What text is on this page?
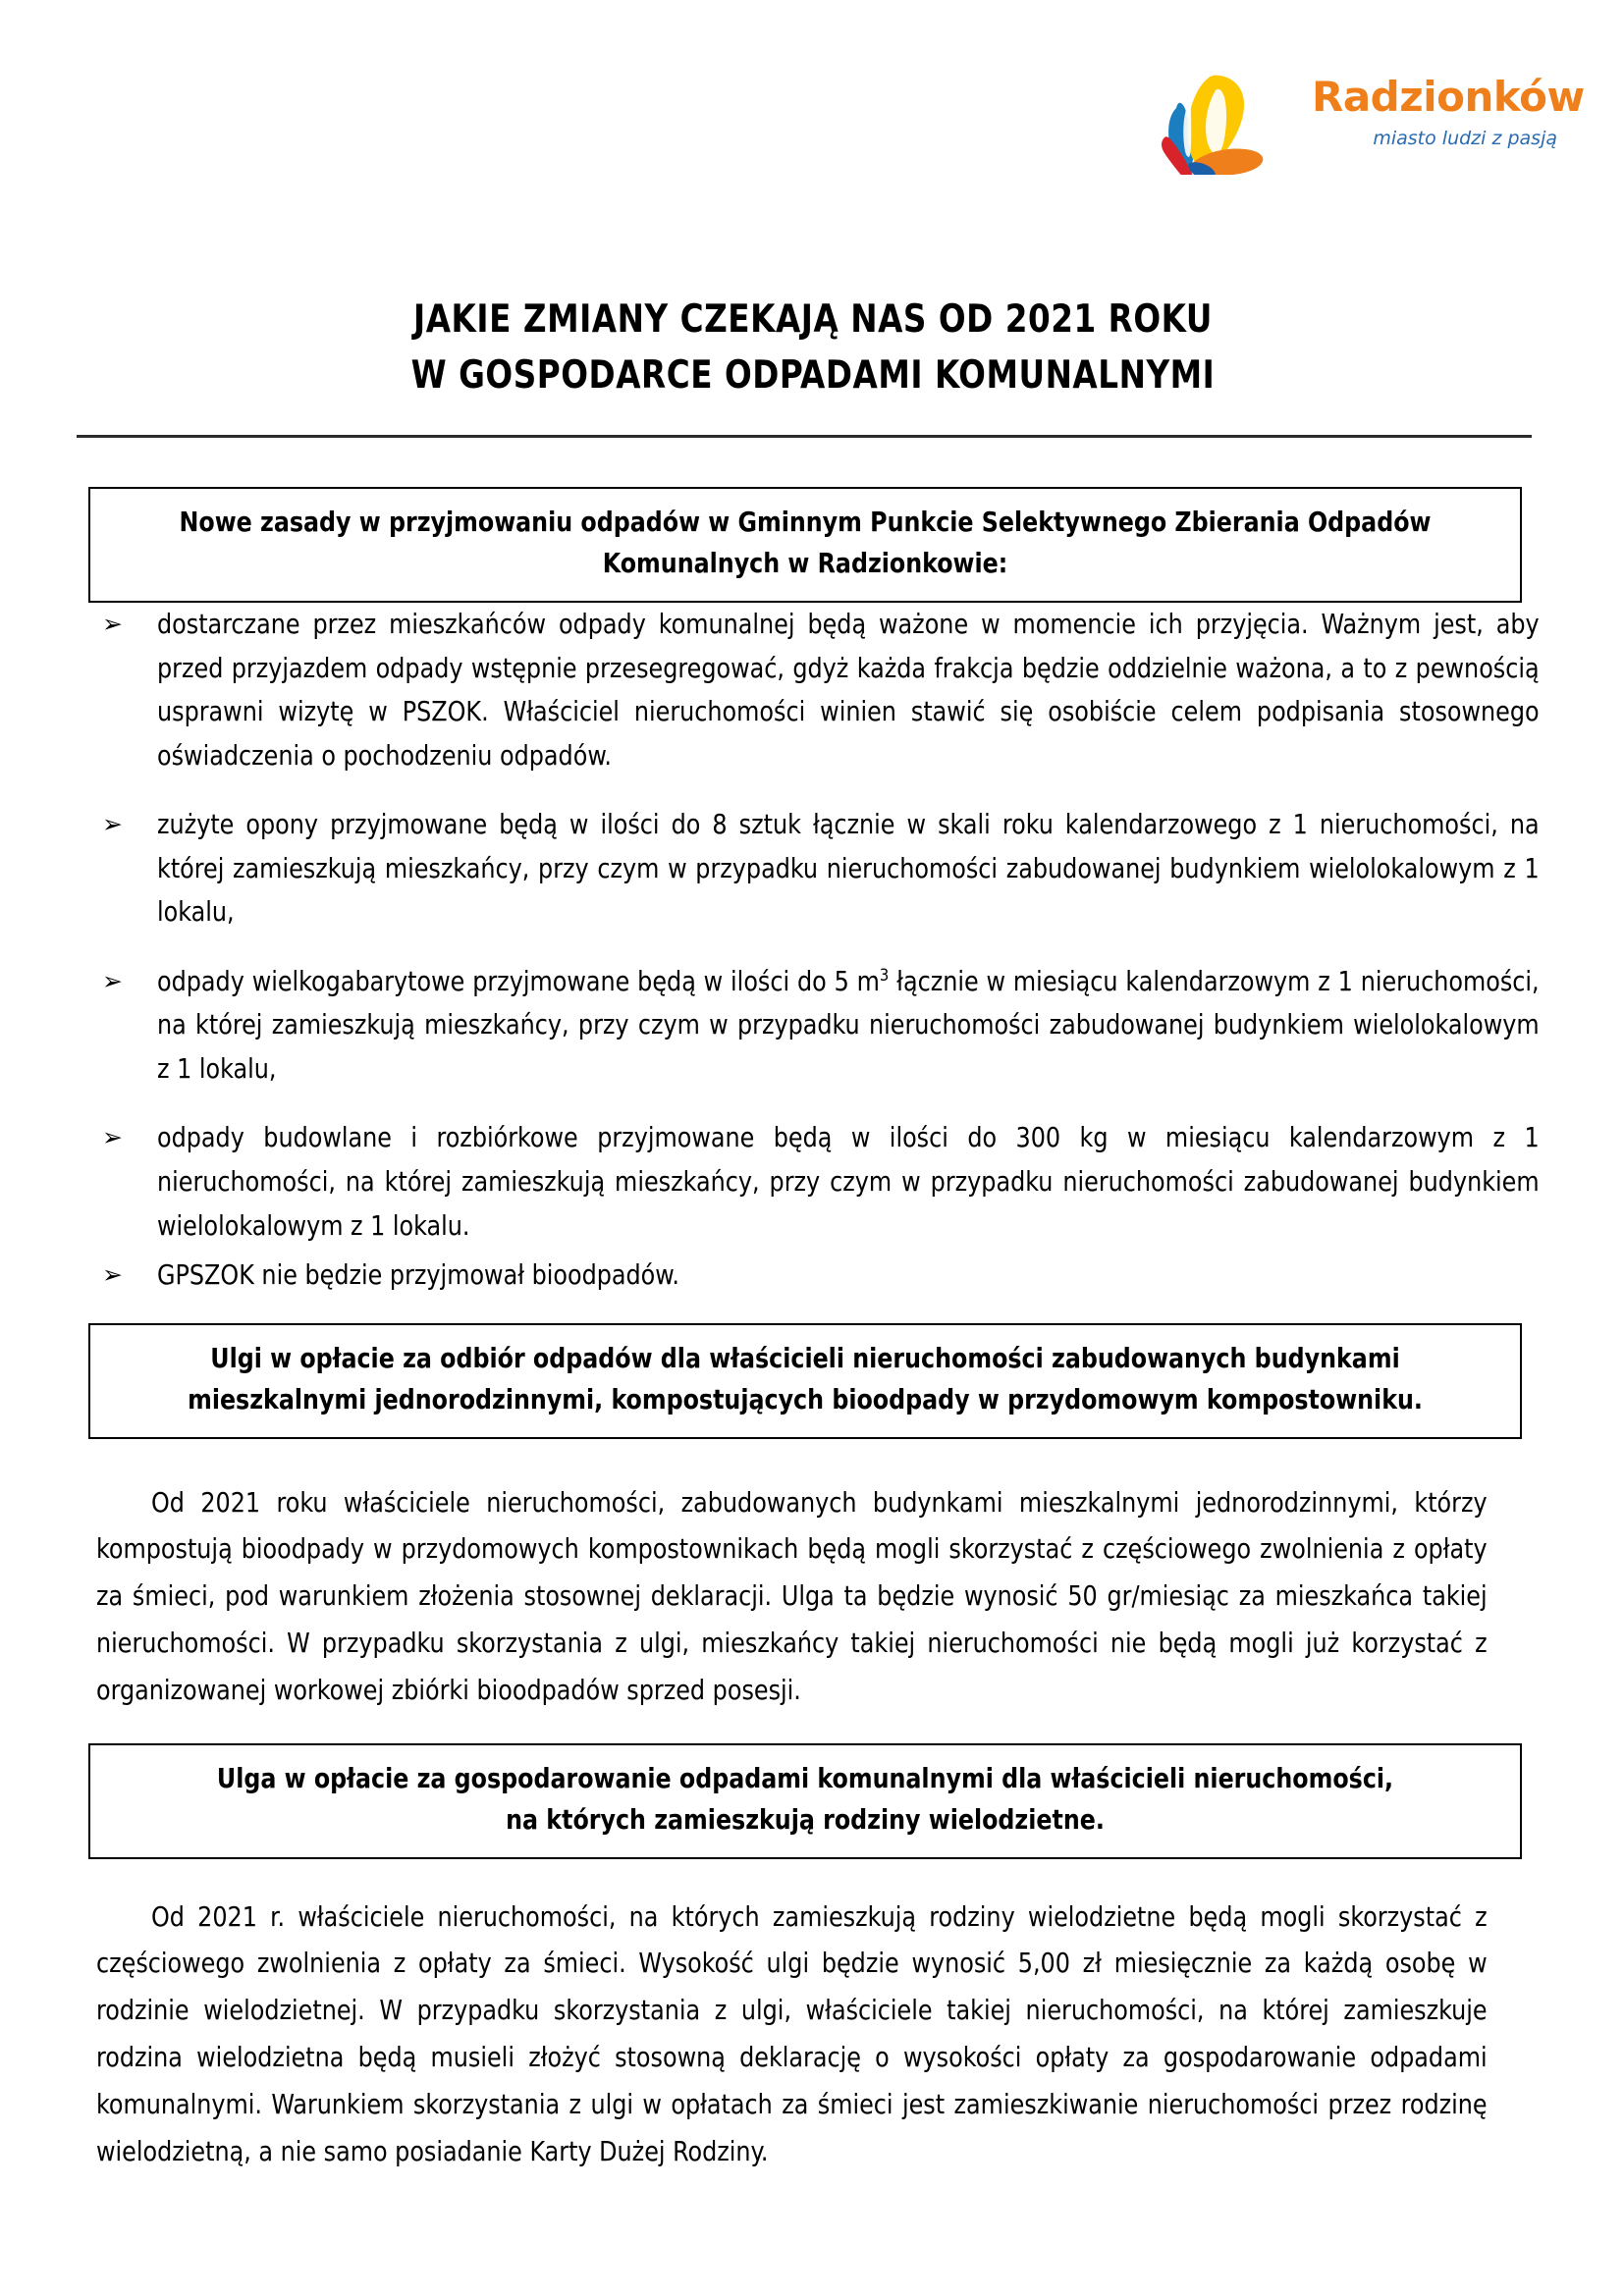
Radzionków
miasto ludzi z pasją
JAKIE ZMIANY CZEKAJĄ NAS OD 2021 ROKU
W GOSPODARCE ODPADAMI KOMUNALNYMI
Nowe zasady w przyjmowaniu odpadów w Gminnym Punkcie Selektywnego Zbierania Odpadów
Komunalnych w Radzionkowie:
➢ dostarczane przez mieszkańców odpady komunalnej będą ważone w momencie ich przyjęcia. Ważnym jest, aby przed przyjazdem odpady wstępnie przesegregować, gdyż każda frakcja będzie oddzielnie ważona, a to z pewnością usprawni wizytę w PSZOK. Właściciel nieruchomości winien stawić się osobiście celem podpisania stosownego oświadczenia o pochodzeniu odpadów.
➢ zużyte opony przyjmowane będą w ilości do 8 sztuk łącznie w skali roku kalendarzowego z 1 nieruchomości, na której zamieszkują mieszkańcy, przy czym w przypadku nieruchomości zabudowanej budynkiem wielolokalowym z 1 lokalu,
➢ odpady wielkogabarytowe przyjmowane będą w ilości do 5 $m^3$ łącznie w miesiącu kalendarzowym z 1 nieruchomości, na której zamieszkują mieszkańcy, przy czym w przypadku nieruchomości zabudowanej budynkiem wielolokalowym z 1 lokalu,
➢ odpady budowlane i rozbiórkowe przyjmowane będą w ilości do 300 kg w miesiącu kalendarzowym z 1 nieruchomości, na której zamieszkują mieszkańcy, przy czym w przypadku nieruchomości zabudowanej budynkiem wielolokalowym z 1 lokalu.
➢ GPSZOK nie będzie przyjmował bioodpadów.
Ulgi w opłacie za odbiór odpadów dla właścicieli nieruchomości zabudowanych budynkami
mieszkalnymi jednorodzinnymi, kompostujących bioodpady w przydomowym kompostowniku.

Od 2021 roku właściciele nieruchomości, zabudowanych budynkami mieszkalnymi jednorodzinnymi, którzy kompostują bioodpady w przydomowych kompostownikach będą mogli skorzystać z częściowego zwolnienia z opłaty za śmieci, pod warunkiem złożenia stosownej deklaracji. Ulga ta będzie wynosić 50 gr/miesiąc za mieszkańca takiej nieruchomości. W przypadku skorzystania z ulgi, mieszkańcy takiej nieruchomości nie będą mogli już korzystać z organizowanej workowej zbiórki bioodpadów sprzed posesji.

Ulga w opłacie za gospodarowanie odpadami komunalnymi dla właścicieli nieruchomości,
na których zamieszkują rodziny wielodzietne.

Od 2021 r. właściciele nieruchomości, na których zamieszkują rodziny wielodzietne będą mogli skorzystać z częściowego zwolnienia z opłaty za śmieci. Wysokość ulgi będzie wynosić 5,00 zł miesięcznie za każdą osobę w rodzinie wielodzietnej. W przypadku skorzystania z ulgi, właściciele takiej nieruchomości, na której zamieszkuje rodzina wielodzietna będą musieli złożyć stosowną deklarację o wysokości opłaty za gospodarowanie odpadami komunalnymi. Warunkiem skorzystania z ulgi w opłatach za śmieci jest zamieszkiwanie nieruchomości przez rodzinę wielodzietną, a nie samo posiadanie Karty Dużej Rodziny.
